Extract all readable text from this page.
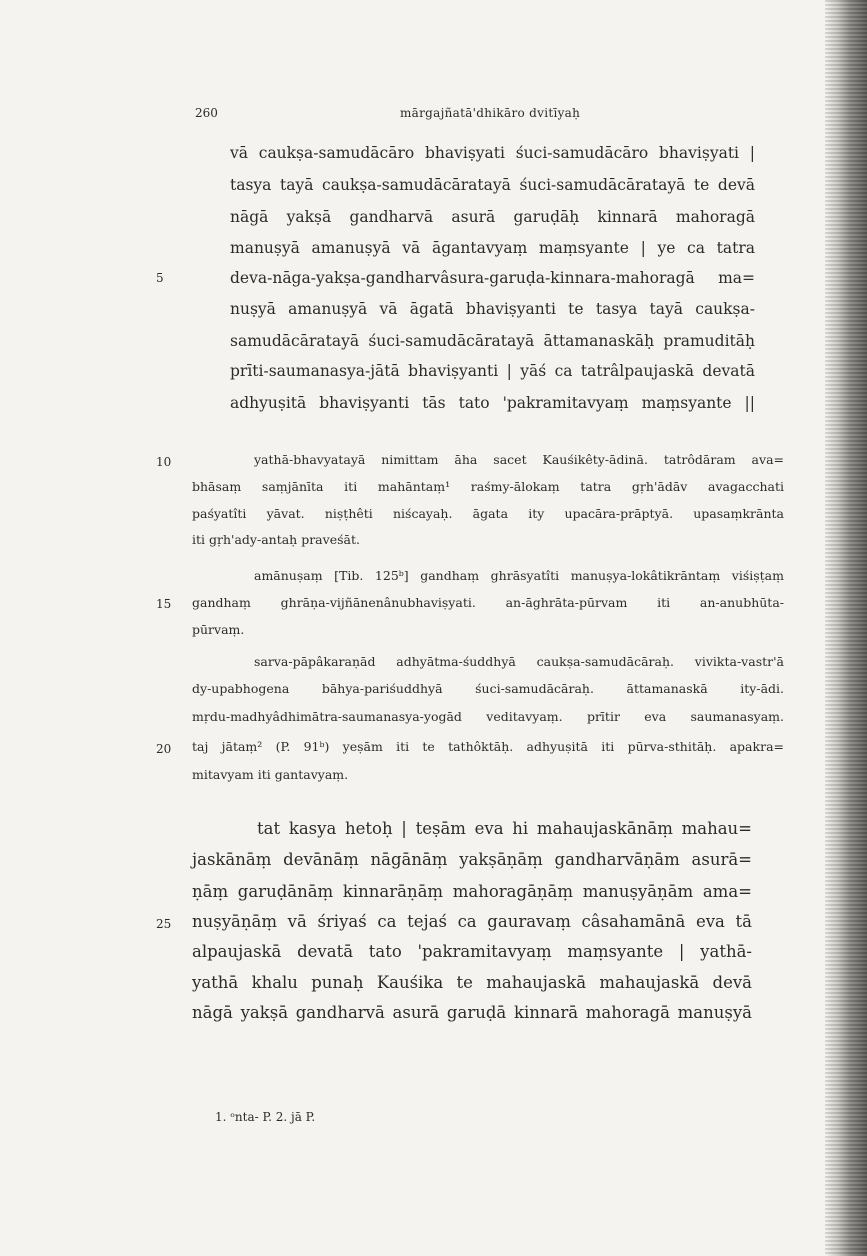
260	mārgajñatā'dhikāro dvitīyaḥ
5
10
15
20
25
vā caukṣa-samudācāro bhaviṣyati śuci-samudācāro bhaviṣyati |
tasya tayā caukṣa-samudācāratayā śuci-samudācāratayā te devā
nāgā yakṣā gandharvā asurā garuḍāḥ kinnarā mahoragā
manuṣyā amanuṣyā vā āgantavyaṃ maṃsyante | ye ca tatra
deva-nāga-yakṣa-gandharvâsura-garuḍa-kinnara-mahoragā ma=
nuṣyā amanuṣyā vā āgatā bhaviṣyanti te tasya tayā caukṣa-
samudācāratayā śuci-samudācāratayā āttamanaskāḥ pramuditāḥ
prīti-saumanasya-jātā bhaviṣyanti | yāś ca tatrâlpaujaskā devatā
adhyuṣitā bhaviṣyanti tās tato 'pakramitavyaṃ maṃsyante ||
yathā-bhavyatayā nimittam āha sacet Kauśikêty-ādinā. tatrôdāram ava=
bhāsaṃ saṃjānīta iti mahāntaṃ¹ raśmy-ālokaṃ tatra gṛh'ādāv avagacchati
paśyatîti yāvat. niṣṭhêti niścayaḥ. āgata ity upacāra-prāptyā. upasaṃkrānta
iti gṛh'ady-antaḥ praveśāt.
amānuṣaṃ [Tib. 125ᵇ] gandhaṃ ghrāsyatîti manuṣya-lokâtikrāntaṃ viśiṣṭaṃ
gandhaṃ ghrāṇa-vijñānenânubhaviṣyati. an-āghrāta-pūrvam iti an-anubhūta-
pūrvaṃ.
sarva-pāpâkaraṇād adhyātma-śuddhyā caukṣa-samudācāraḥ. vivikta-vastr'ā
dy-upabhogena bāhya-pariśuddhyā śuci-samudācāraḥ. āttamanaskā ity-ādi.
mṛdu-madhyâdhimātra-saumanasya-yogād veditavyaṃ. prītir eva saumanasyaṃ.
taj jātaṃ² (P. 91ᵇ) yeṣām iti te tathôktāḥ. adhyuṣitā iti pūrva-sthitāḥ. apakra=
mitavyam iti gantavyaṃ.
tat kasya hetoḥ | teṣām eva hi mahaujaskānāṃ mahau=
jaskānāṃ devānāṃ nāgānāṃ yakṣāṇāṃ gandharvāṇām asurā=
ṇāṃ garuḍānāṃ kinnarāṇāṃ mahoragāṇāṃ manuṣyāṇām ama=
nuṣyāṇāṃ vā śriyaś ca tejaś ca gauravaṃ câsahamānā eva tā
alpaujaskā devatā tato 'pakramitavyaṃ maṃsyante | yathā-
yathā khalu punaḥ Kauśika te mahaujaskā mahaujaskā devā
nāgā yakṣā gandharvā asurā garuḍā kinnarā mahoragā manuṣyā
1. ᵒnta- P. 2. jā P.
